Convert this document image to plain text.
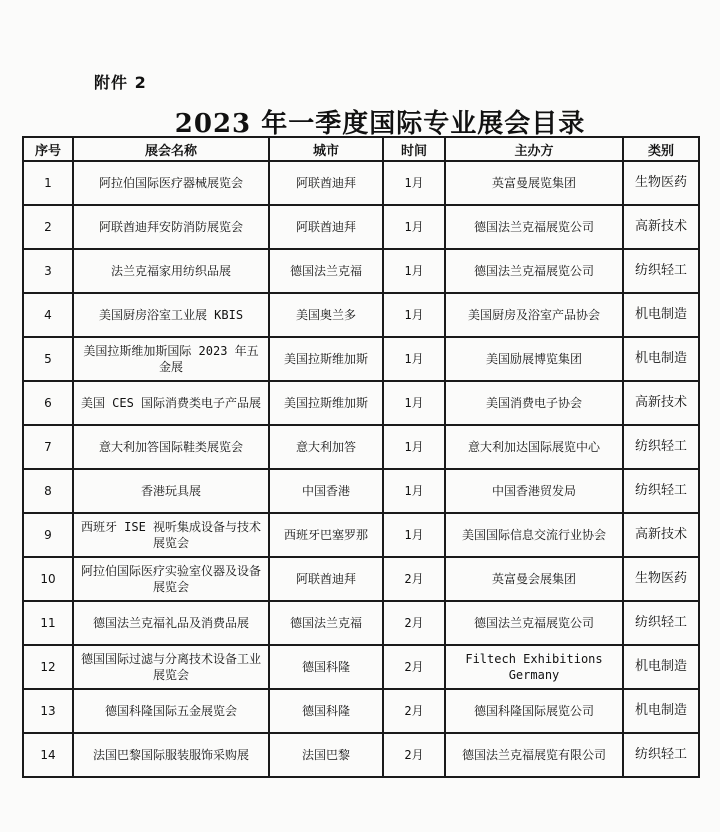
附件 2
2023 年一季度国际专业展会目录
序号	展会名称	城市	时间	主办方	类别
1	阿拉伯国际医疗器械展览会	阿联酋迪拜	1月	英富曼展览集团	生物医药
2	阿联酋迪拜安防消防展览会	阿联酋迪拜	1月	德国法兰克福展览公司	高新技术
3	法兰克福家用纺织品展	德国法兰克福	1月	德国法兰克福展览公司	纺织轻工
4	美国厨房浴室工业展 KBIS	美国奥兰多	1月	美国厨房及浴室产品协会	机电制造
5	美国拉斯维加斯国际 2023 年五金展	美国拉斯维加斯	1月	美国励展博览集团	机电制造
6	美国 CES 国际消费类电子产品展	美国拉斯维加斯	1月	美国消费电子协会	高新技术
7	意大利加答国际鞋类展览会	意大利加答	1月	意大利加达国际展览中心	纺织轻工
8	香港玩具展	中国香港	1月	中国香港贸发局	纺织轻工
9	西班牙 ISE 视听集成设备与技术展览会	西班牙巴塞罗那	1月	美国国际信息交流行业协会	高新技术
10	阿拉伯国际医疗实验室仪器及设备展览会	阿联酋迪拜	2月	英富曼会展集团	生物医药
11	德国法兰克福礼品及消费品展	德国法兰克福	2月	德国法兰克福展览公司	纺织轻工
12	德国国际过滤与分离技术设备工业展览会	德国科隆	2月	Filtech Exhibitions Germany	机电制造
13	德国科隆国际五金展览会	德国科隆	2月	德国科隆国际展览公司	机电制造
14	法国巴黎国际服装服饰采购展	法国巴黎	2月	德国法兰克福展览有限公司	纺织轻工
